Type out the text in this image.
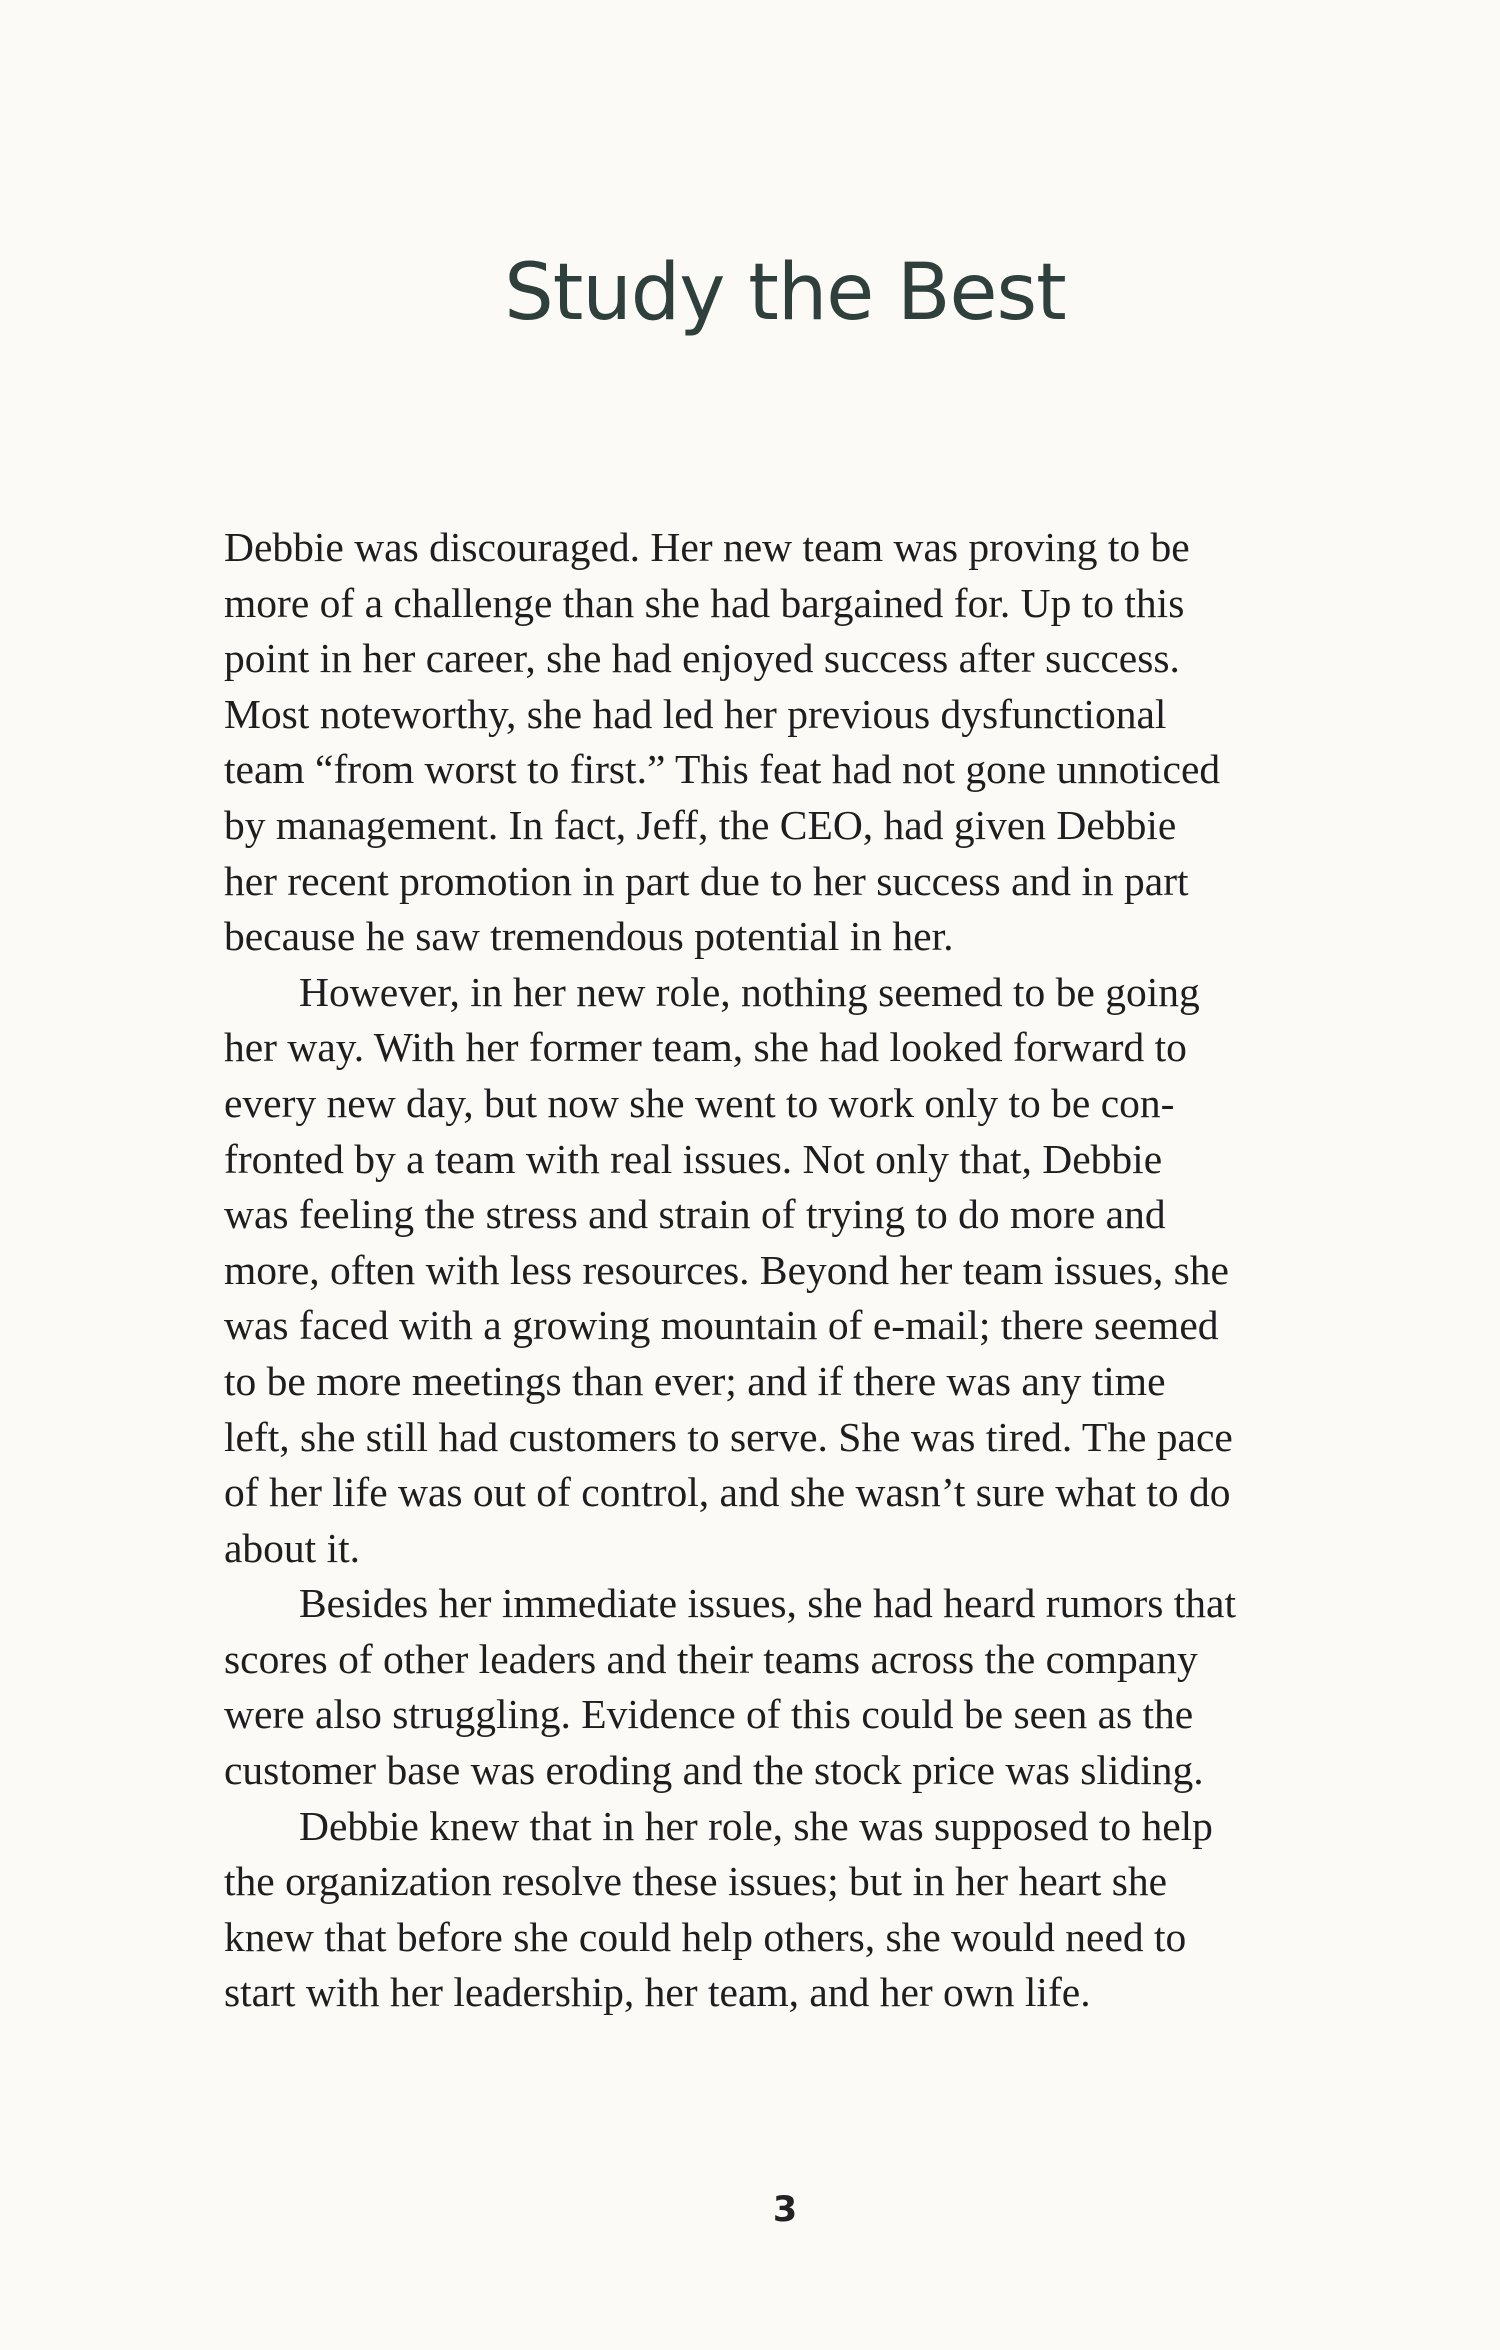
Study the Best

Debbie was discouraged. Her new team was proving to be
more of a challenge than she had bargained for. Up to this
point in her career, she had enjoyed success after success.
Most noteworthy, she had led her previous dysfunctional
team “from worst to first.” This feat had not gone unnoticed
by management. In fact, Jeff, the CEO, had given Debbie
her recent promotion in part due to her success and in part
because he saw tremendous potential in her.

However, in her new role, nothing seemed to be going
her way. With her former team, she had looked forward to
every new day, but now she went to work only to be con-
fronted by a team with real issues. Not only that, Debbie
was feeling the stress and strain of trying to do more and
more, often with less resources. Beyond her team issues, she
was faced with a growing mountain of e-mail; there seemed
to be more meetings than ever; and if there was any time
left, she still had customers to serve. She was tired. The pace
of her life was out of control, and she wasn’t sure what to do
about it.

Besides her immediate issues, she had heard rumors that
scores of other leaders and their teams across the company
were also struggling. Evidence of this could be seen as the
customer base was eroding and the stock price was sliding.

Debbie knew that in her role, she was supposed to help
the organization resolve these issues; but in her heart she
knew that before she could help others, she would need to
start with her leadership, her team, and her own life.

3
